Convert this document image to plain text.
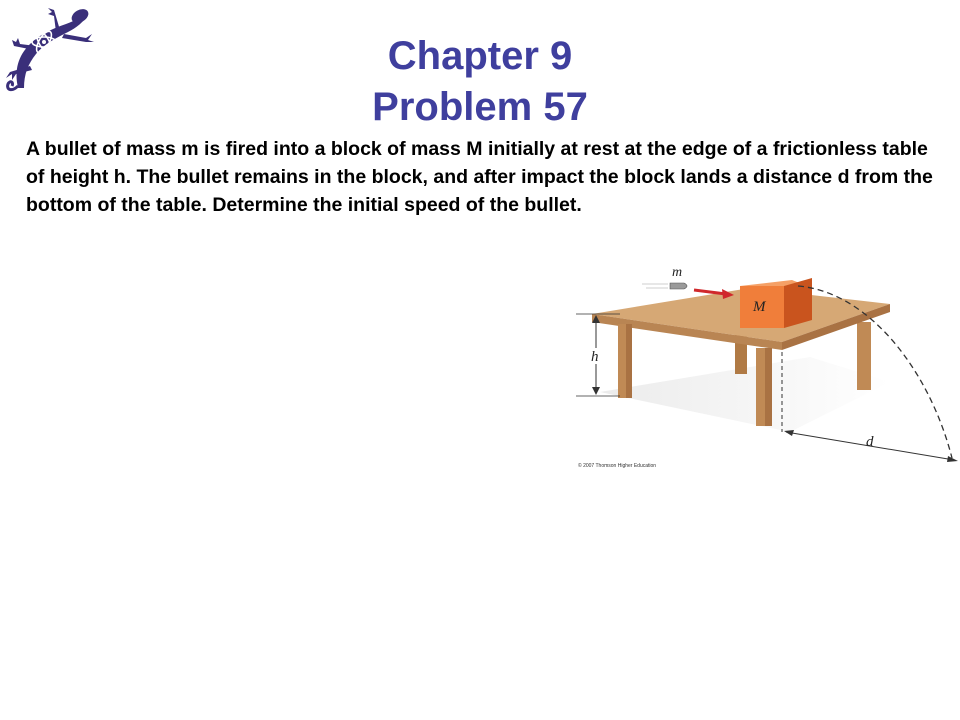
Chapter 9
Problem 57
A bullet of mass m is fired into a block of mass M initially at rest at the edge of a frictionless table of height h. The bullet remains in the block, and after impact the block lands a distance d from the bottom of the table. Determine the initial speed of the bullet.
M
m
d
h
© 2007 Thomson Higher Education
